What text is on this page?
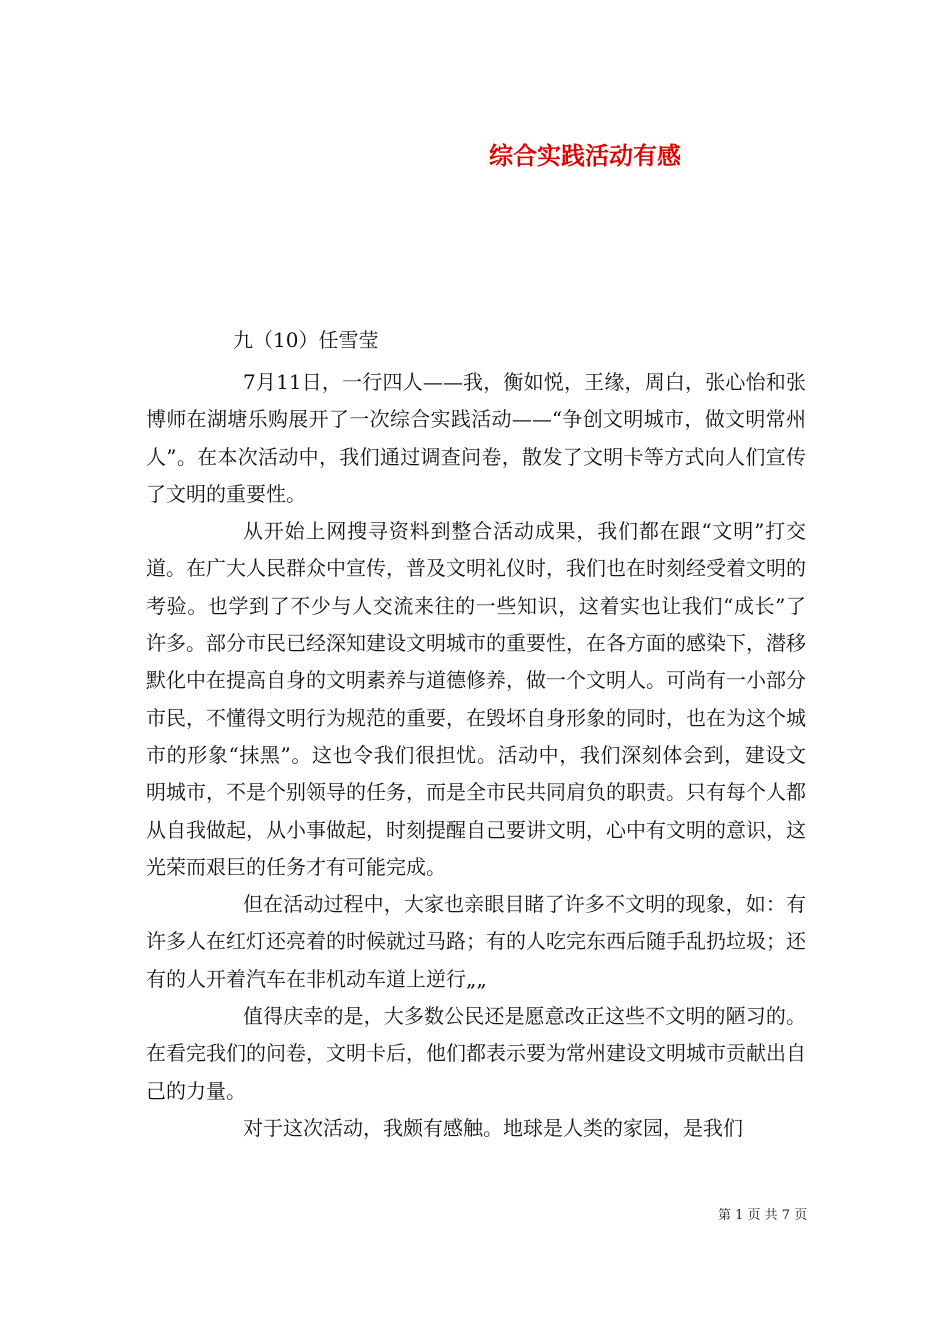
综合实践活动有感
九（10）任雪莹

7月11日，一行四人——我，衡如悦，王缘，周白，张心怡和张博师在湖塘乐购展开了一次综合实践活动——“争创文明城市，做文明常州人”。在本次活动中，我们通过调查问卷，散发了文明卡等方式向人们宣传了文明的重要性。

从开始上网搜寻资料到整合活动成果，我们都在跟“文明”打交道。在广大人民群众中宣传，普及文明礼仪时，我们也在时刻经受着文明的考验。也学到了不少与人交流来往的一些知识，这着实也让我们“成长”了许多。部分市民已经深知建设文明城市的重要性，在各方面的感染下，潜移默化中在提高自身的文明素养与道德修养，做一个文明人。可尚有一小部分市民，不懂得文明行为规范的重要，在毁坏自身形象的同时，也在为这个城市的形象“抹黑”。这也令我们很担忧。活动中，我们深刻体会到，建设文明城市，不是个别领导的任务，而是全市民共同肩负的职责。只有每个人都从自我做起，从小事做起，时刻提醒自己要讲文明，心中有文明的意识，这光荣而艰巨的任务才有可能完成。

但在活动过程中，大家也亲眼目睹了许多不文明的现象，如：有许多人在红灯还亮着的时候就过马路；有的人吃完东西后随手乱扔垃圾；还有的人开着汽车在非机动车道上逆行„„

值得庆幸的是，大多数公民还是愿意改正这些不文明的陋习的。在看完我们的问卷，文明卡后，他们都表示要为常州建设文明城市贡献出自己的力量。

对于这次活动，我颇有感触。地球是人类的家园，是我们

第 1 页 共 7 页
